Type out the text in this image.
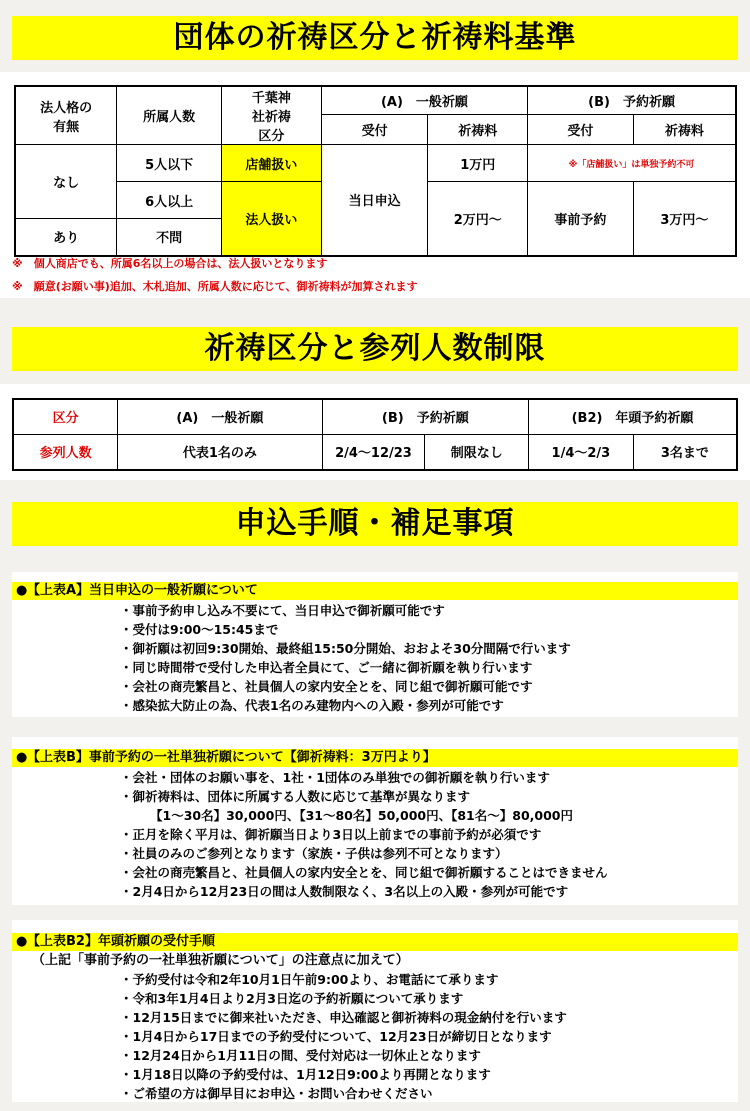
団体の祈祷区分と祈祷料基準
法人格の有無	所属人数	千葉神社祈祷区分	(A)　一般祈願		(B)　予約祈願	
			受付	祈祷料	受付	祈祷料
なし	5人以下	店舗扱い	当日申込	1万円	※「店舗扱い」は単独予約不可	
	6人以上	法人扱い		2万円～	事前予約	3万円～
あり	不問					
※　個人商店でも、所属6名以上の場合は、法人扱いとなります
※　願意(お願い事)追加、木札追加、所属人数に応じて、御祈祷料が加算されます
祈祷区分と参列人数制限
区分	(A)　一般祈願	(B)　予約祈願		(B2)　年頭予約祈願	
参列人数	代表1名のみ	2/4～12/23	制限なし	1/4～2/3	3名まで
申込手順・補足事項
●【上表A】当日申込の一般祈願について
・事前予約申し込み不要にて、当日申込で御祈願可能です
・受付は9:00～15:45まで
・御祈願は初回9:30開始、最終組15:50分開始、おおよそ30分間隔で行います
・同じ時間帯で受付した申込者全員にて、ご一緒に御祈願を執り行います
・会社の商売繁昌と、社員個人の家内安全とを、同じ組で御祈願可能です
・感染拡大防止の為、代表1名のみ建物内への入殿・参列が可能です
●【上表B】事前予約の一社単独祈願について【御祈祷料：3万円より】
・会社・団体のお願い事を、1社・1団体のみ単独での御祈願を執り行います
・御祈祷料は、団体に所属する人数に応じて基準が異なります
【1～30名】30,000円、【31～80名】50,000円、【81名～】80,000円
・正月を除く平月は、御祈願当日より3日以上前までの事前予約が必須です
・社員のみのご参列となります（家族・子供は参列不可となります）
・会社の商売繁昌と、社員個人の家内安全とを、同じ組で御祈願することはできません
・2月4日から12月23日の間は人数制限なく、3名以上の入殿・参列が可能です
●【上表B2】年頭祈願の受付手順
（上記「事前予約の一社単独祈願について」の注意点に加えて）
・予約受付は令和2年10月1日午前9:00より、お電話にて承ります
・令和3年1月4日より2月3日迄の予約祈願について承ります
・12月15日までに御来社いただき、申込確認と御祈祷料の現金納付を行います
・1月4日から17日までの予約受付について、12月23日が締切日となります
・12月24日から1月11日の間、受付対応は一切休止となります
・1月18日以降の予約受付は、1月12日9:00より再開となります
・ご希望の方は御早目にお申込・お問い合わせください
